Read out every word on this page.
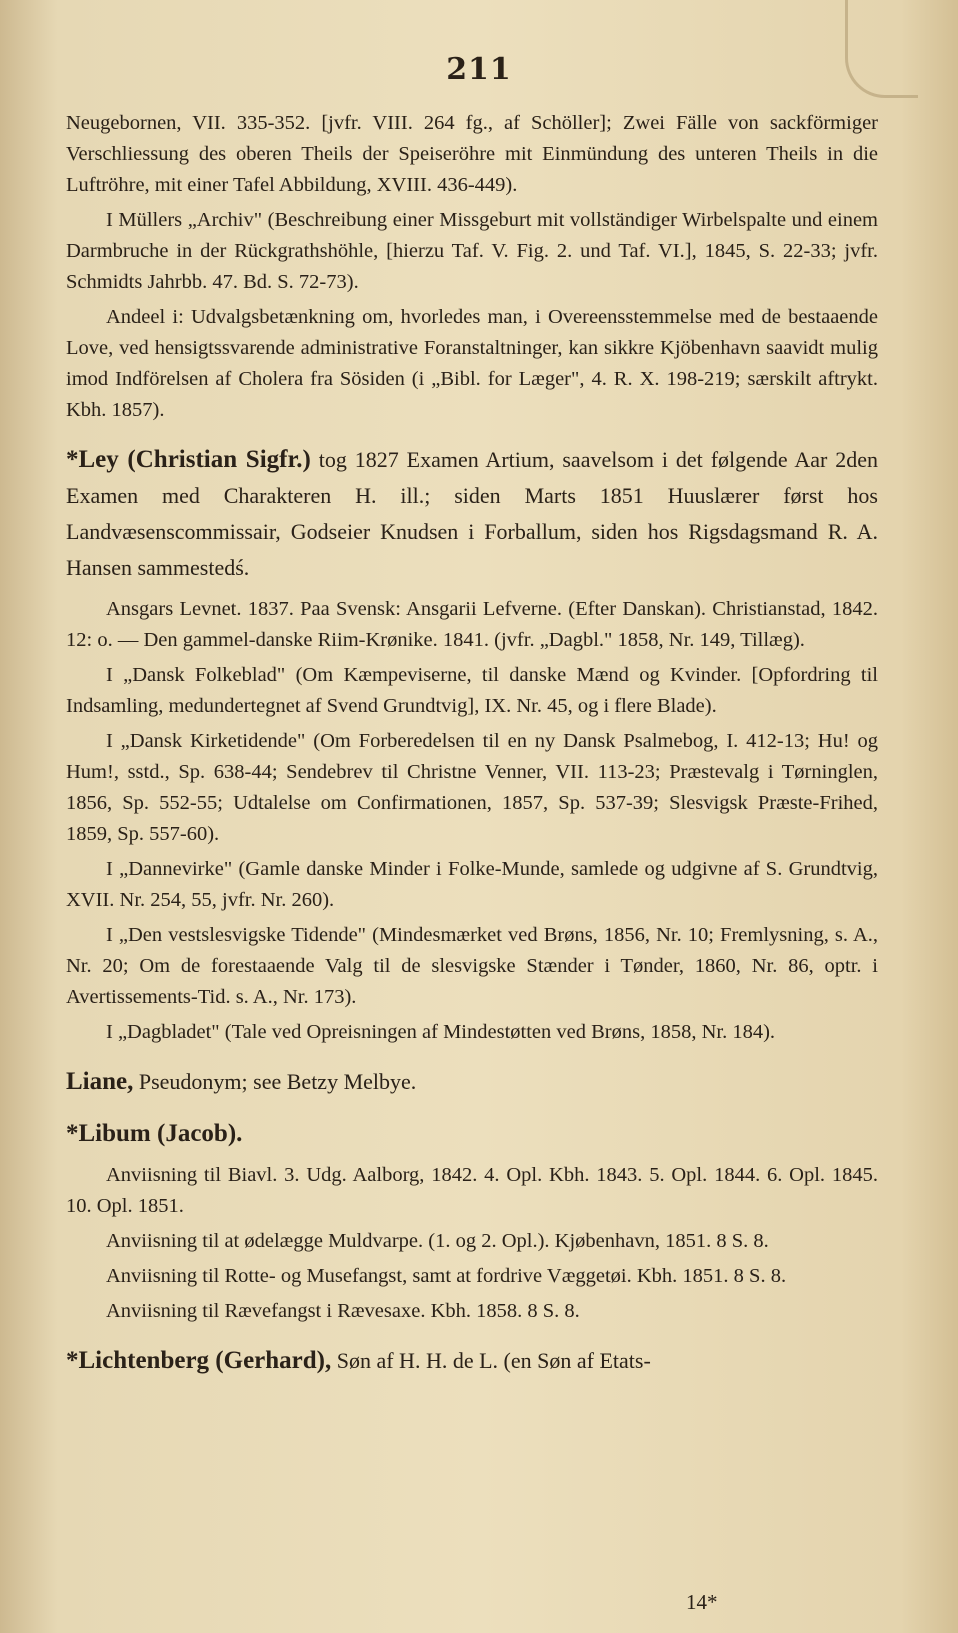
211

Neugebornen, VII. 335-352. [jvfr. VIII. 264 fg., af Schöller]; Zwei Fälle von sackförmiger Verschliessung des oberen Theils der Speiseröhre mit Einmündung des unteren Theils in die Luftröhre, mit einer Tafel Abbildung, XVIII. 436-449).

I Müllers „Archiv" (Beschreibung einer Missgeburt mit vollständiger Wirbelspalte und einem Darmbruche in der Rückgrathshöhle, [hierzu Taf. V. Fig. 2. und Taf. VI.], 1845, S. 22-33; jvfr. Schmidts Jahrbb. 47. Bd. S. 72-73).

Andeel i: Udvalgsbetænkning om, hvorledes man, i Overeensstemmelse med de bestaaende Love, ved hensigtssvarende administrative Foranstaltninger, kan sikkre Kjöbenhavn saavidt mulig imod Indförelsen af Cholera fra Sösiden (i „Bibl. for Læger", 4. R. X. 198-219; særskilt aftrykt. Kbh. 1857).

*Ley (Christian Sigfr.) tog 1827 Examen Artium, saavelsom i det følgende Aar 2den Examen med Charakteren H. ill.; siden Marts 1851 Huuslærer først hos Landvæsenscommissair, Godseier Knudsen i Forballum, siden hos Rigsdagsmand R. A. Hansen sammestedś.

Ansgars Levnet. 1837. Paa Svensk: Ansgarii Lefverne. (Efter Danskan). Christianstad, 1842. 12: o. — Den gammel-danske Riim-Krønike. 1841. (jvfr. „Dagbl." 1858, Nr. 149, Tillæg).

I „Dansk Folkeblad" (Om Kæmpeviserne, til danske Mænd og Kvinder. [Opfordring til Indsamling, medundertegnet af Svend Grundtvig], IX. Nr. 45, og i flere Blade).

I „Dansk Kirketidende" (Om Forberedelsen til en ny Dansk Psalmebog, I. 412-13; Hu! og Hum!, sstd., Sp. 638-44; Sendebrev til Christne Venner, VII. 113-23; Præstevalg i Tørninglen, 1856, Sp. 552-55; Udtalelse om Confirmationen, 1857, Sp. 537-39; Slesvigsk Præste-Frihed, 1859, Sp. 557-60).

I „Dannevirke" (Gamle danske Minder i Folke-Munde, samlede og udgivne af S. Grundtvig, XVII. Nr. 254, 55, jvfr. Nr. 260).

I „Den vestslesvigske Tidende" (Mindesmærket ved Brøns, 1856, Nr. 10; Fremlysning, s. A., Nr. 20; Om de forestaaende Valg til de slesvigske Stænder i Tønder, 1860, Nr. 86, optr. i Avertissements-Tid. s. A., Nr. 173).

I „Dagbladet" (Tale ved Opreisningen af Mindestøtten ved Brøns, 1858, Nr. 184).

Liane, Pseudonym; see Betzy Melbye.
*Libum (Jacob).

Anviisning til Biavl. 3. Udg. Aalborg, 1842. 4. Opl. Kbh. 1843. 5. Opl. 1844. 6. Opl. 1845. 10. Opl. 1851.

Anviisning til at ødelægge Muldvarpe. (1. og 2. Opl.). Kjøbenhavn, 1851. 8 S. 8.

Anviisning til Rotte- og Musefangst, samt at fordrive Væggetøi. Kbh. 1851. 8 S. 8.

Anviisning til Rævefangst i Rævesaxe. Kbh. 1858. 8 S. 8.

*Lichtenberg (Gerhard), Søn af H. H. de L. (en Søn af Etats-
14*
